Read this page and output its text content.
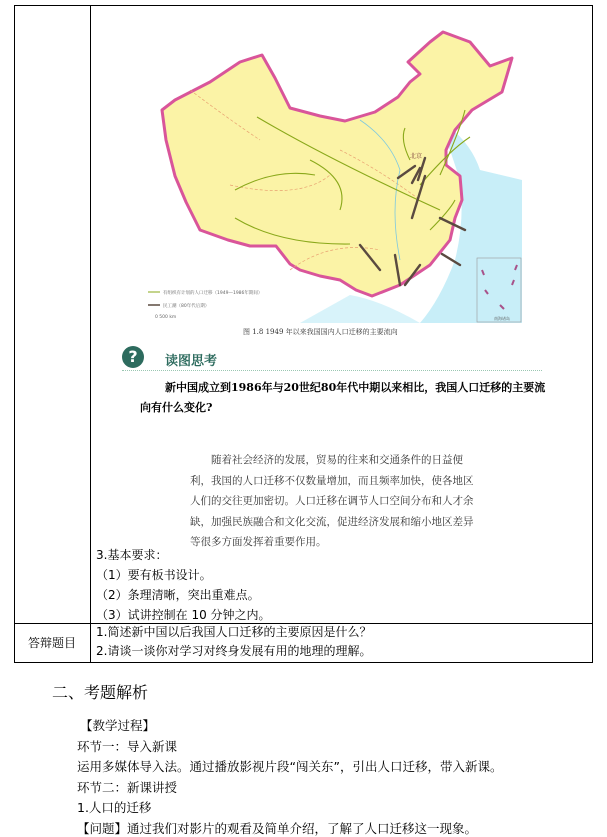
北京
有组织有计划的人口迁移（1949—1986年期间）
民工潮（80年代后期）
0 500 km	南海诸岛
图 1.8 1949 年以来我国国内人口迁移的主要流向
?	读图思考
新中国成立到1986年与20世纪80年代中期以来相比，我国人口迁移的主要流
向有什么变化?
随着社会经济的发展，贸易的往来和交通条件的日益便
利，我国的人口迁移不仅数量增加，而且频率加快，使各地区
人们的交往更加密切。人口迁移在调节人口空间分布和人才余
缺，加强民族融合和文化交流，促进经济发展和缩小地区差异
等很多方面发挥着重要作用。
3.基本要求：
（1）要有板书设计。
（2）条理清晰，突出重难点。
（3）试讲控制在 10 分钟之内。
答辩题目
1.简述新中国以后我国人口迁移的主要原因是什么？
2.请谈一谈你对学习对终身发展有用的地理的理解。
二、考题解析
【教学过程】
环节一：导入新课
运用多媒体导入法。通过播放影视片段“闯关东”，引出人口迁移，带入新课。
环节二：新课讲授
1.人口的迁移
【问题】通过我们对影片的观看及简单介绍，了解了人口迁移这一现象。
